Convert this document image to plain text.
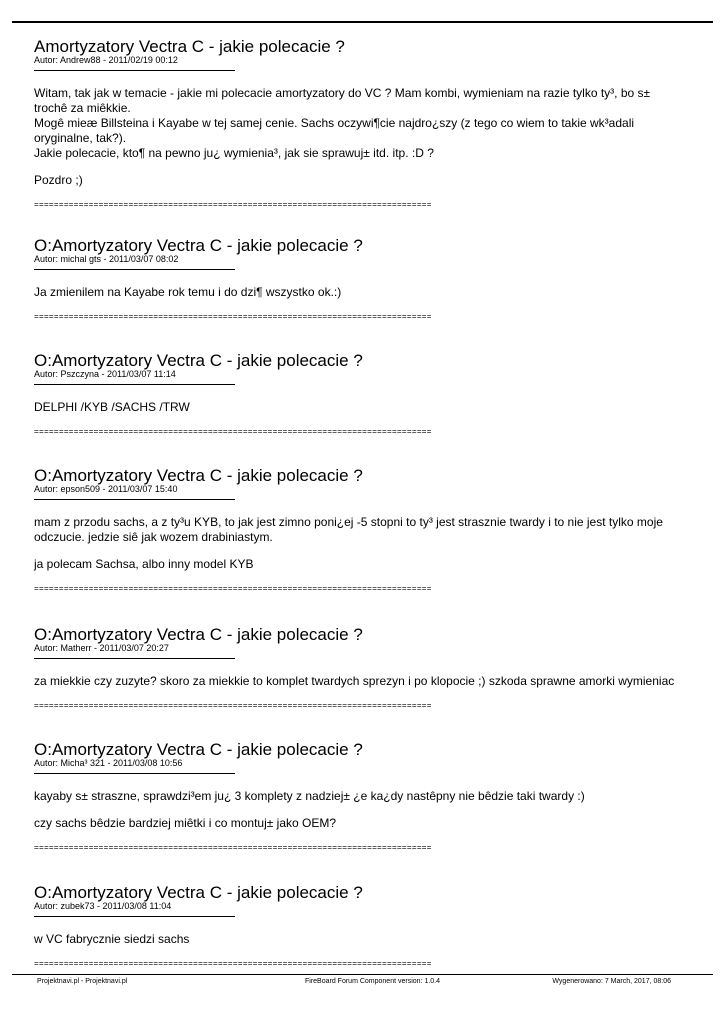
Amortyzatory Vectra C - jakie polecacie ?
Autor: Andrew88 - 2011/02/19 00:12

Witam, tak jak w temacie - jakie mi polecacie amortyzatory do VC ? Mam kombi, wymieniam na razie tylko ty³, bo s± trochê za miêkkie.
Mogê mieæ Billsteina i Kayabe w tej samej cenie. Sachs oczywi¶cie najdro¿szy (z tego co wiem to takie wk³adali oryginalne, tak?).
Jakie polecacie, kto¶ na pewno ju¿ wymienia³, jak sie sprawuj± itd. itp. :D ?

Pozdro ;)

================================================================================
O:Amortyzatory Vectra C - jakie polecacie ?
Autor: michal gts - 2011/03/07 08:02

Ja zmienilem na Kayabe rok temu i do dzi¶ wszystko ok.:)

================================================================================
O:Amortyzatory Vectra C - jakie polecacie ?
Autor: Pszczyna - 2011/03/07 11:14

DELPHI /KYB /SACHS /TRW

================================================================================
O:Amortyzatory Vectra C - jakie polecacie ?
Autor: epson509 - 2011/03/07 15:40

mam z przodu sachs, a z ty³u KYB, to jak jest zimno poni¿ej -5 stopni to ty³ jest strasznie twardy i to nie jest tylko moje odczucie. jedzie siê jak wozem drabiniastym.

ja polecam Sachsa, albo inny model KYB

================================================================================
O:Amortyzatory Vectra C - jakie polecacie ?
Autor: Matherr - 2011/03/07 20:27

za miekkie czy zuzyte? skoro za miekkie to komplet twardych sprezyn i po klopocie ;) szkoda sprawne amorki wymieniac

================================================================================
O:Amortyzatory Vectra C - jakie polecacie ?
Autor: Micha³ 321 - 2011/03/08 10:56

kayaby s± straszne, sprawdzi³em ju¿ 3 komplety z nadziej± ¿e ka¿dy nastêpny nie bêdzie taki twardy :)

czy sachs bêdzie bardziej miêtki i co montuj± jako OEM?

================================================================================
O:Amortyzatory Vectra C - jakie polecacie ?
Autor: zubek73 - 2011/03/08 11:04

w VC fabrycznie siedzi sachs

================================================================================
Projektnavi.pl - Projektnavi.pl	FireBoard Forum Component version: 1.0.4	Wygenerowano: 7 March, 2017, 08:06
